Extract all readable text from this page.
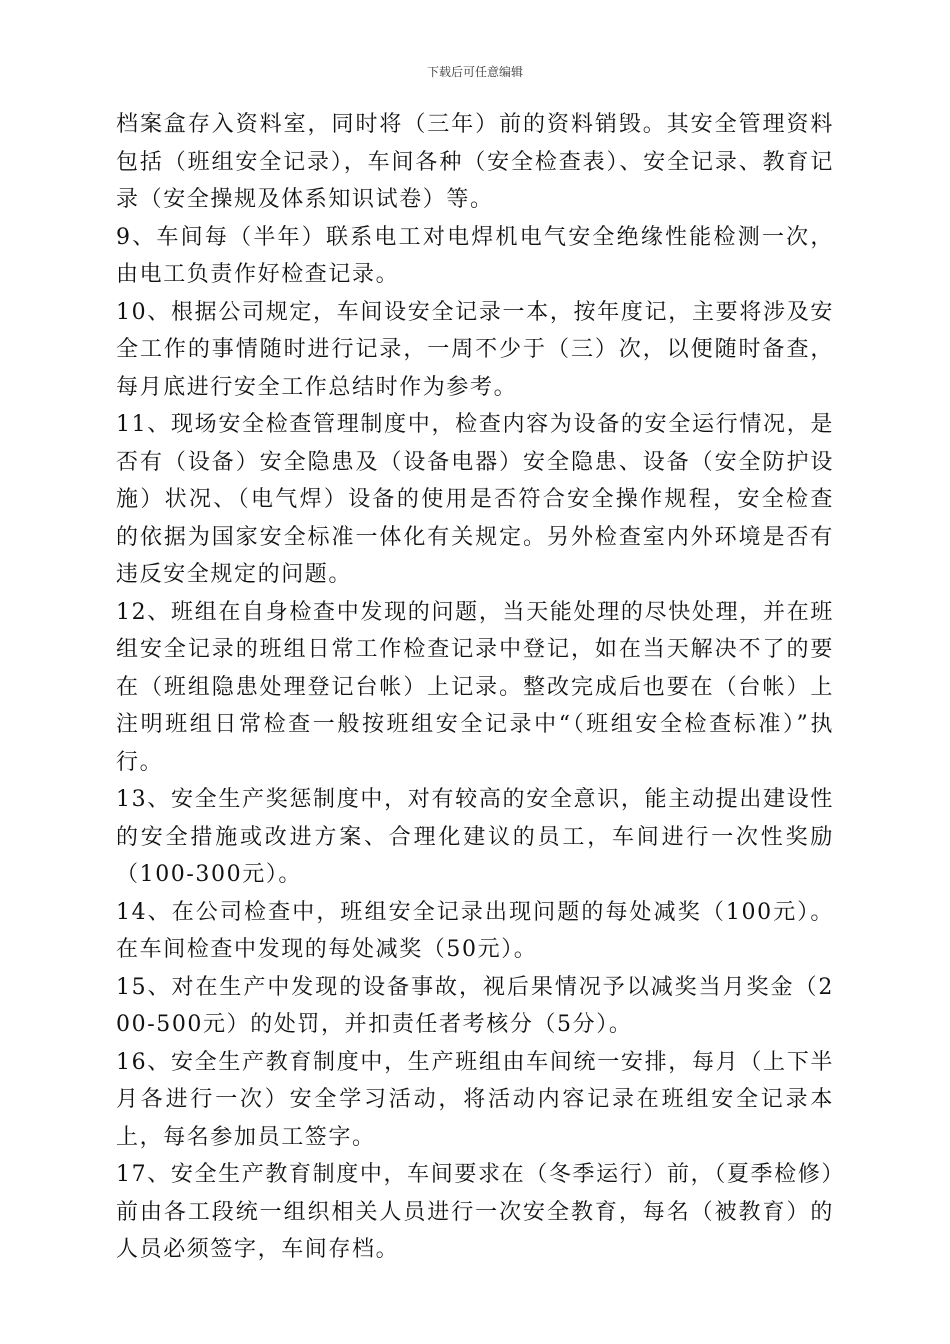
下载后可任意编辑

档案盒存入资料室，同时将（三年）前的资料销毁。其安全管理资料包括（班组安全记录），车间各种（安全检查表）、安全记录、教育记录（安全操规及体系知识试卷）等。

9、车间每（半年）联系电工对电焊机电气安全绝缘性能检测一次，由电工负责作好检查记录。

10、根据公司规定，车间设安全记录一本，按年度记，主要将涉及安全工作的事情随时进行记录，一周不少于（三）次，以便随时备查，每月底进行安全工作总结时作为参考。

11、现场安全检查管理制度中，检查内容为设备的安全运行情况，是否有（设备）安全隐患及（设备电器）安全隐患、设备（安全防护设施）状况、（电气焊）设备的使用是否符合安全操作规程，安全检查的依据为国家安全标准一体化有关规定。另外检查室内外环境是否有违反安全规定的问题。

12、班组在自身检查中发现的问题，当天能处理的尽快处理，并在班组安全记录的班组日常工作检查记录中登记，如在当天解决不了的要在（班组隐患处理登记台帐）上记录。整改完成后也要在（台帐）上注明班组日常检查一般按班组安全记录中“（班组安全检查标准）”执行。

13、安全生产奖惩制度中，对有较高的安全意识，能主动提出建设性的安全措施或改进方案、合理化建议的员工，车间进行一次性奖励（100-300元）。

14、在公司检查中，班组安全记录出现问题的每处减奖（100元）。在车间检查中发现的每处减奖（50元）。

15、对在生产中发现的设备事故，视后果情况予以减奖当月奖金（200-500元）的处罚，并扣责任者考核分（5分）。

16、安全生产教育制度中，生产班组由车间统一安排，每月（上下半月各进行一次）安全学习活动，将活动内容记录在班组安全记录本上，每名参加员工签字。

17、安全生产教育制度中，车间要求在（冬季运行）前，（夏季检修）前由各工段统一组织相关人员进行一次安全教育，每名（被教育）的人员必须签字，车间存档。
